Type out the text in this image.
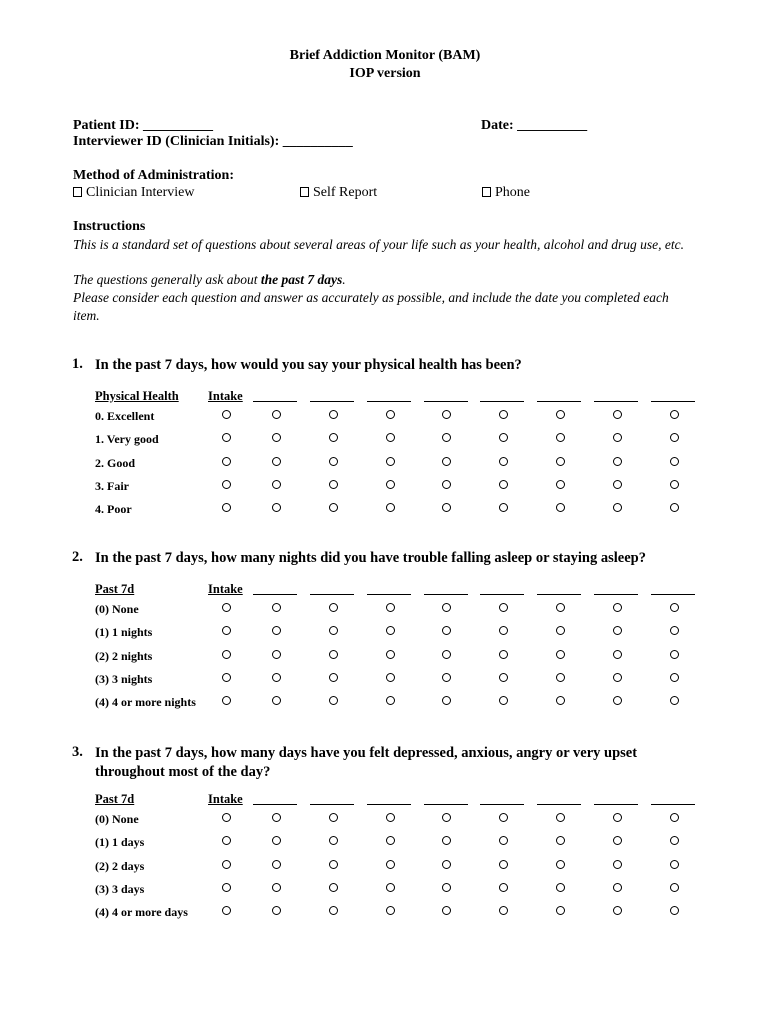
Brief Addiction Monitor (BAM)
IOP version
Patient ID: __________	Date: __________
Interviewer ID (Clinician Initials): __________
Method of Administration:
Clinician Interview	Self Report	Phone
Instructions
This is a standard set of questions about several areas of your life such as your health, alcohol and drug use, etc.
The questions generally ask about the past 7 days.
Please consider each question and answer as accurately as possible, and include the date you completed each item.
1. In the past 7 days, how would you say your physical health has been?
Physical Health Intake
0. Excellent
1. Very good
2. Good
3. Fair
4. Poor
2. In the past 7 days, how many nights did you have trouble falling asleep or staying asleep?
Past 7d	Intake
(0) None
(1) 1 nights
(2) 2 nights
(3) 3 nights
(4) 4 or more nights
3. In the past 7 days, how many days have you felt depressed, anxious, angry or very upset throughout most of the day?
Past 7d	Intake
(0) None
(1) 1 days
(2) 2 days
(3) 3 days
(4) 4 or more days
